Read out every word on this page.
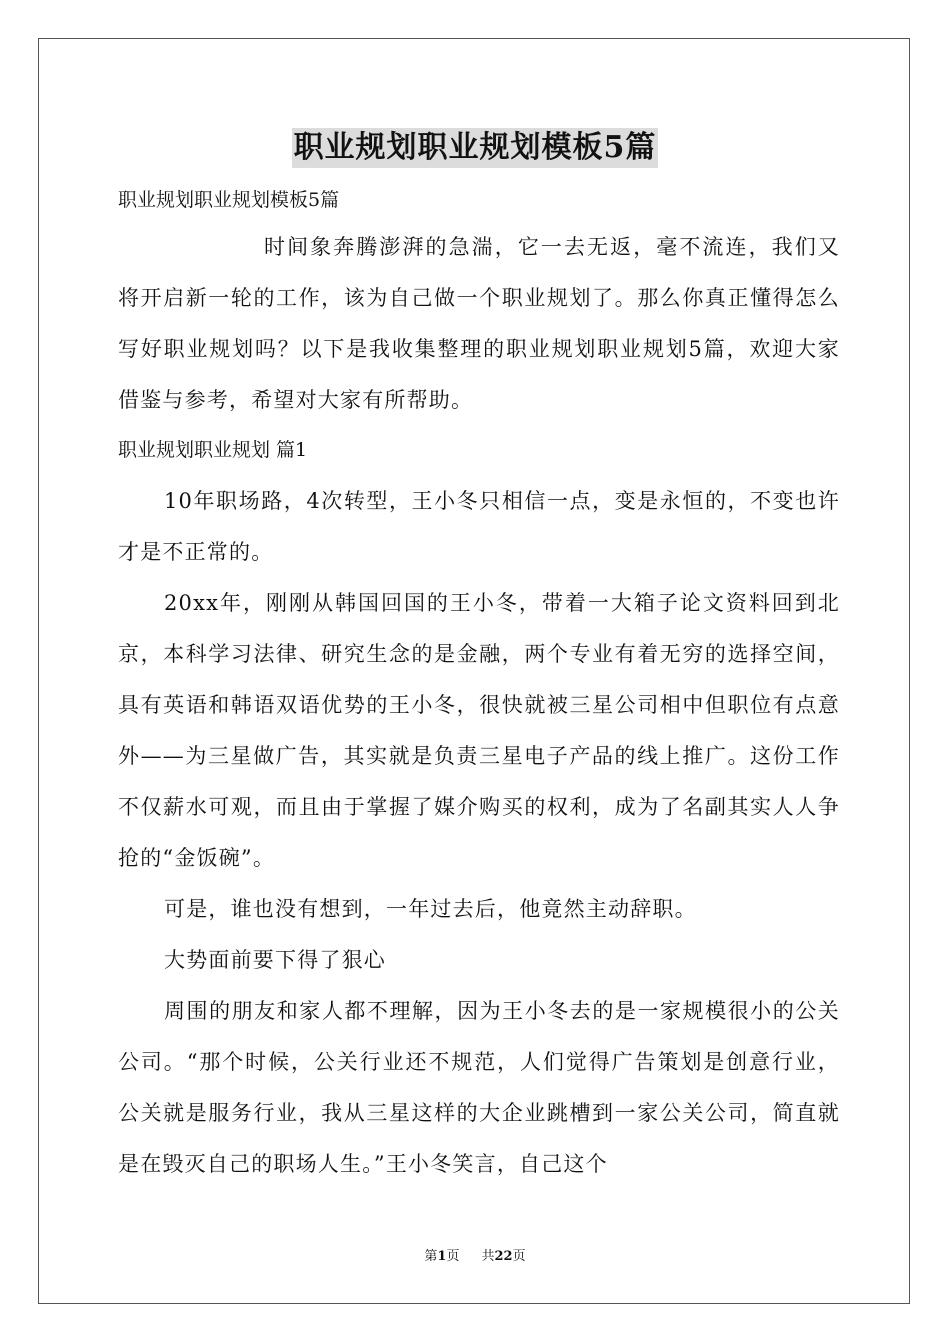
职业规划职业规划模板5篇

职业规划职业规划模板5篇

时间象奔腾澎湃的急湍，它一去无返，毫不流连，我们又将开启新一轮的工作，该为自己做一个职业规划了。那么你真正懂得怎么写好职业规划吗？以下是我收集整理的职业规划职业规划5篇，欢迎大家借鉴与参考，希望对大家有所帮助。

职业规划职业规划 篇1

10年职场路，4次转型，王小冬只相信一点，变是永恒的，不变也许才是不正常的。

20xx年，刚刚从韩国回国的王小冬，带着一大箱子论文资料回到北京，本科学习法律、研究生念的是金融，两个专业有着无穷的选择空间，具有英语和韩语双语优势的王小冬，很快就被三星公司相中但职位有点意外——为三星做广告，其实就是负责三星电子产品的线上推广。这份工作不仅薪水可观，而且由于掌握了媒介购买的权利，成为了名副其实人人争抢的“金饭碗”。

可是，谁也没有想到，一年过去后，他竟然主动辞职。

大势面前要下得了狠心

周围的朋友和家人都不理解，因为王小冬去的是一家规模很小的公关公司。“那个时候，公关行业还不规范，人们觉得广告策划是创意行业，公关就是服务行业，我从三星这样的大企业跳槽到一家公关公司，简直就是在毁灭自己的职场人生。”王小冬笑言，自己这个

第1页 共22页
